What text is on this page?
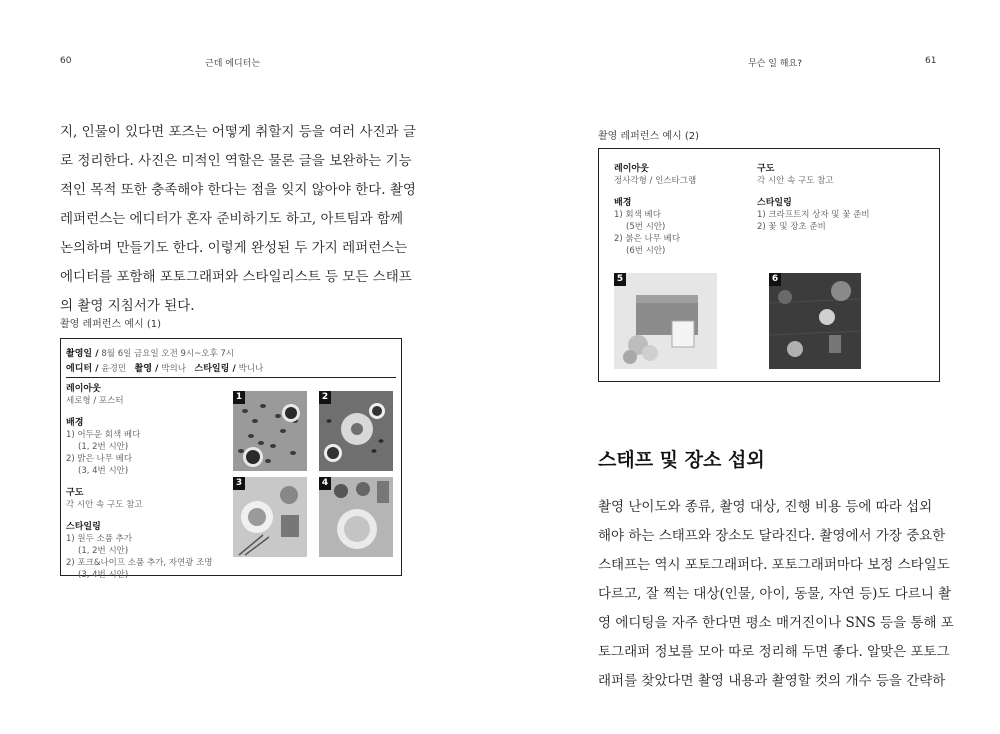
60	근데 에디터는
지, 인물이 있다면 포즈는 어떻게 취할지 등을 여러 사진과 글
로 정리한다. 사진은 미적인 역할은 물론 글을 보완하는 기능
적인 목적 또한 충족해야 한다는 점을 잊지 않아야 한다. 촬영
레퍼런스는 에디터가 혼자 준비하기도 하고, 아트팀과 함께
논의하며 만들기도 한다. 이렇게 완성된 두 가지 레퍼런스는
에디터를 포함해 포토그래퍼와 스타일리스트 등 모든 스태프
의 촬영 지침서가 된다.
촬영 레퍼런스 예시 (1)
촬영일 / 8월 6일 금요일 오전 9시~오후 7시
에디터 / 윤경민 촬영 / 박의나 스타일링 / 박니나
레이아웃
세로형 / 포스터
배경
1) 어두운 회색 베다
(1, 2번 시안)
2) 밝은 나무 베다
(3, 4번 시안)
구도
각 시안 속 구도 참고
스타일링
1) 원두 소품 추가
(1, 2번 시안)
2) 포크&나이프 소품 추가, 자연광 조명
(3, 4번 시안)
1	2
3	4
무슨 일 해요?	61
촬영 레퍼런스 예시 (2)
레이아웃
정사각형 / 인스타그램
배경
1) 회색 베다
(5번 시안)
2) 붉은 나무 베다
(6번 시안)
구도
각 시안 속 구도 참고
스타일링
1) 크라프트지 상자 및 꽃 준비
2) 꽃 및 장초 준비
5	6
스태프 및 장소 섭외
촬영 난이도와 종류, 촬영 대상, 진행 비용 등에 따라 섭외
해야 하는 스태프와 장소도 달라진다. 촬영에서 가장 중요한
스태프는 역시 포토그래퍼다. 포토그래퍼마다 보정 스타일도
다르고, 잘 찍는 대상(인물, 아이, 동물, 자연 등)도 다르니 촬
영 에디팅을 자주 한다면 평소 매거진이나 SNS 등을 통해 포
토그래퍼 정보를 모아 따로 정리해 두면 좋다. 알맞은 포토그
래퍼를 찾았다면 촬영 내용과 촬영할 컷의 개수 등을 간략하
